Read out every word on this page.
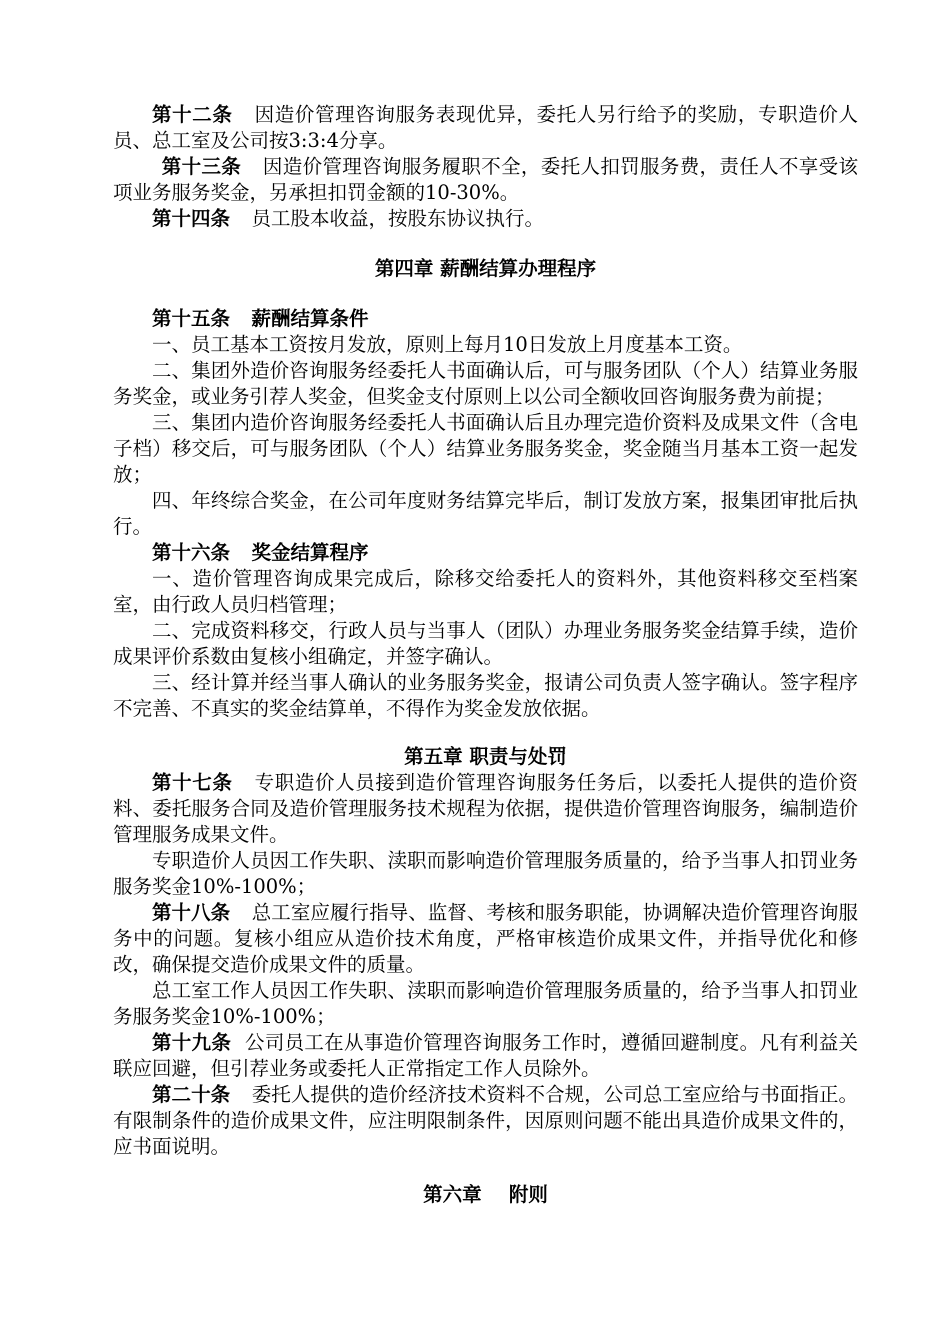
第十二条 因造价管理咨询服务表现优异，委托人另行给予的奖励，专职造价人员、总工室及公司按3:3:4分享。

第十三条 因造价管理咨询服务履职不全，委托人扣罚服务费，责任人不享受该项业务服务奖金，另承担扣罚金额的10-30%。

第十四条 员工股本收益，按股东协议执行。

第四章 薪酬结算办理程序

第十五条 薪酬结算条件

一、员工基本工资按月发放，原则上每月10日发放上月度基本工资。

二、集团外造价咨询服务经委托人书面确认后，可与服务团队（个人）结算业务服务奖金，或业务引荐人奖金，但奖金支付原则上以公司全额收回咨询服务费为前提；

三、集团内造价咨询服务经委托人书面确认后且办理完造价资料及成果文件（含电子档）移交后，可与服务团队（个人）结算业务服务奖金，奖金随当月基本工资一起发放；

四、年终综合奖金，在公司年度财务结算完毕后，制订发放方案，报集团审批后执行。

第十六条 奖金结算程序

一、造价管理咨询成果完成后，除移交给委托人的资料外，其他资料移交至档案室，由行政人员归档管理；

二、完成资料移交，行政人员与当事人（团队）办理业务服务奖金结算手续，造价成果评价系数由复核小组确定，并签字确认。

三、经计算并经当事人确认的业务服务奖金，报请公司负责人签字确认。签字程序不完善、不真实的奖金结算单，不得作为奖金发放依据。

第五章 职责与处罚

第十七条 专职造价人员接到造价管理咨询服务任务后，以委托人提供的造价资料、委托服务合同及造价管理服务技术规程为依据，提供造价管理咨询服务，编制造价管理服务成果文件。

专职造价人员因工作失职、渎职而影响造价管理服务质量的，给予当事人扣罚业务服务奖金10%-100%；

第十八条 总工室应履行指导、监督、考核和服务职能，协调解决造价管理咨询服务中的问题。复核小组应从造价技术角度，严格审核造价成果文件，并指导优化和修改，确保提交造价成果文件的质量。

总工室工作人员因工作失职、渎职而影响造价管理服务质量的，给予当事人扣罚业务服务奖金10%-100%；

第十九条 公司员工在从事造价管理咨询服务工作时，遵循回避制度。凡有利益关联应回避，但引荐业务或委托人正常指定工作人员除外。

第二十条 委托人提供的造价经济技术资料不合规，公司总工室应给与书面指正。有限制条件的造价成果文件，应注明限制条件，因原则问题不能出具造价成果文件的，应书面说明。

第六章    附则
